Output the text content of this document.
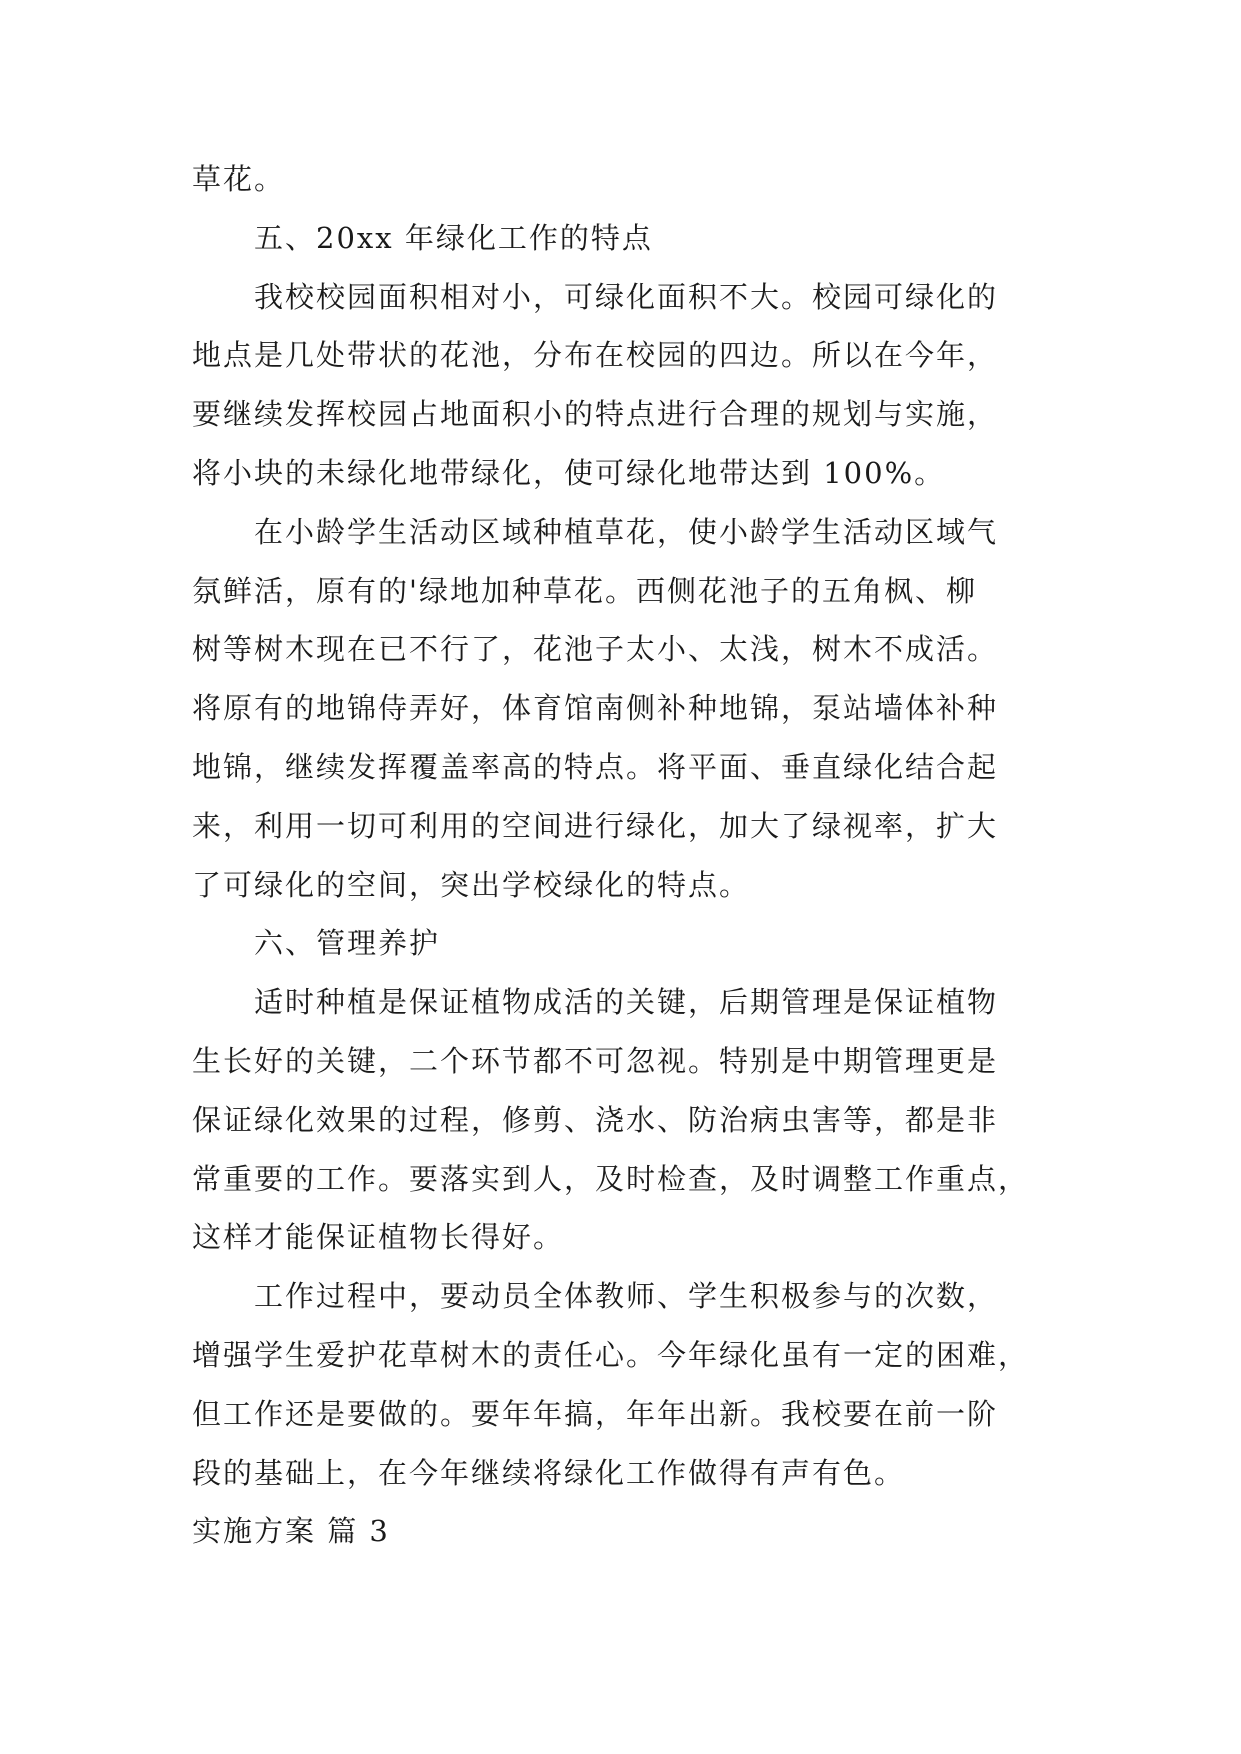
草花。
五、20xx 年绿化工作的特点
我校校园面积相对小，可绿化面积不大。校园可绿化的
地点是几处带状的花池，分布在校园的四边。所以在今年，
要继续发挥校园占地面积小的特点进行合理的规划与实施，
将小块的未绿化地带绿化，使可绿化地带达到 100%。
在小龄学生活动区域种植草花，使小龄学生活动区域气
氛鲜活，原有的'绿地加种草花。西侧花池子的五角枫、柳
树等树木现在已不行了，花池子太小、太浅，树木不成活。
将原有的地锦侍弄好，体育馆南侧补种地锦，泵站墙体补种
地锦，继续发挥覆盖率高的特点。将平面、垂直绿化结合起
来，利用一切可利用的空间进行绿化，加大了绿视率，扩大
了可绿化的空间，突出学校绿化的特点。
六、管理养护
适时种植是保证植物成活的关键，后期管理是保证植物
生长好的关键，二个环节都不可忽视。特别是中期管理更是
保证绿化效果的过程，修剪、浇水、防治病虫害等，都是非
常重要的工作。要落实到人，及时检查，及时调整工作重点，
这样才能保证植物长得好。
工作过程中，要动员全体教师、学生积极参与的次数，
增强学生爱护花草树木的责任心。今年绿化虽有一定的困难，
但工作还是要做的。要年年搞，年年出新。我校要在前一阶
段的基础上，在今年继续将绿化工作做得有声有色。
实施方案 篇 3
